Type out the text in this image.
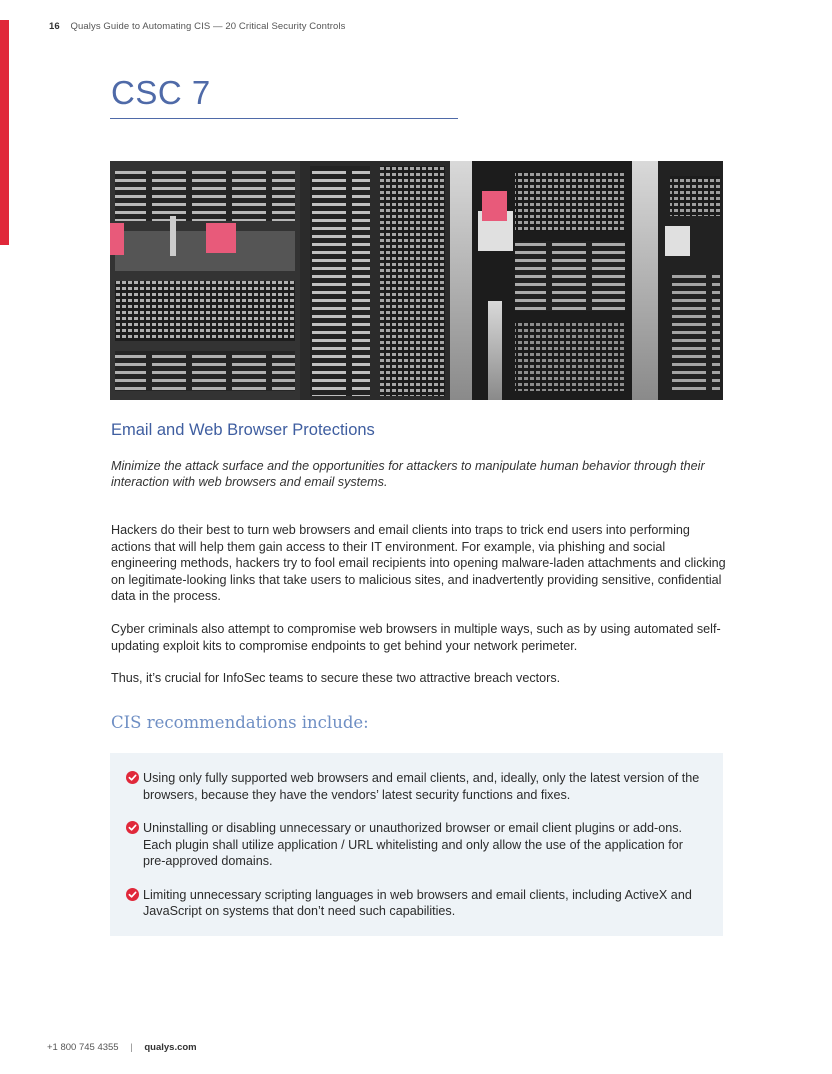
16 Qualys Guide to Automating CIS — 20 Critical Security Controls
CSC 7
Email and Web Browser Protections
Minimize the attack surface and the opportunities for attackers to manipulate human behavior through their interaction with web browsers and email systems.

Hackers do their best to turn web browsers and email clients into traps to trick end users into performing actions that will help them gain access to their IT environment. For example, via phishing and social engineering methods, hackers try to fool email recipients into opening malware-laden attachments and clicking on legitimate-looking links that take users to malicious sites, and inadvertently providing sensitive, confidential data in the process.

Cyber criminals also attempt to compromise web browsers in multiple ways, such as by using automated self-updating exploit kits to compromise endpoints to get behind your network perimeter.

Thus, it’s crucial for InfoSec teams to secure these two attractive breach vectors.

CIS recommendations include:
Using only fully supported web browsers and email clients, and, ideally, only the latest version of the browsers, because they have the vendors’ latest security functions and fixes.
Uninstalling or disabling unnecessary or unauthorized browser or email client plugins or add-ons. Each plugin shall utilize application / URL whitelisting and only allow the use of the application for pre-approved domains.
Limiting unnecessary scripting languages in web browsers and email clients, including ActiveX and JavaScript on systems that don’t need such capabilities.
+1 800 745 4355 | qualys.com
